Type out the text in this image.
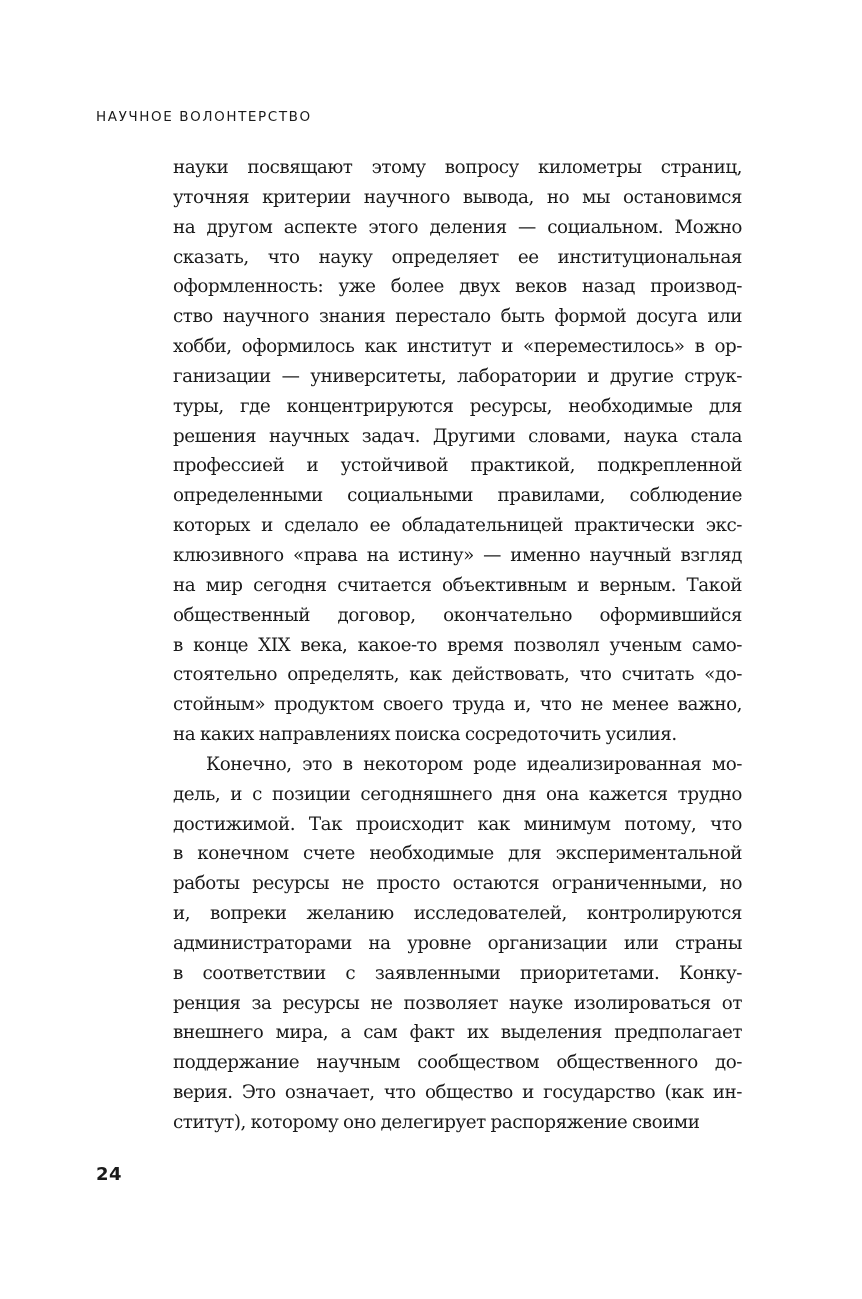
НАУЧНОЕ ВОЛОНТЕРСТВО
науки посвящают этому вопросу километры страниц,
уточняя критерии научного вывода, но мы остановимся
на другом аспекте этого деления — социальном. Можно
сказать, что науку определяет ее институциональная
оформленность: уже более двух веков назад производ-
ство научного знания перестало быть формой досуга или
хобби, оформилось как институт и «переместилось» в ор-
ганизации — университеты, лаборатории и другие струк-
туры, где концентрируются ресурсы, необходимые для
решения научных задач. Другими словами, наука стала
профессией и устойчивой практикой, подкрепленной
определенными социальными правилами, соблюдение
которых и сделало ее обладательницей практически экс-
клюзивного «права на истину» — именно научный взгляд
на мир сегодня считается объективным и верным. Такой
общественный договор, окончательно оформившийся
в конце XIX века, какое-то время позволял ученым само-
стоятельно определять, как действовать, что считать «до-
стойным» продуктом своего труда и, что не менее важно,
на каких направлениях поиска сосредоточить усилия.
Конечно, это в некотором роде идеализированная мо-
дель, и с позиции сегодняшнего дня она кажется трудно
достижимой. Так происходит как минимум потому, что
в конечном счете необходимые для экспериментальной
работы ресурсы не просто остаются ограниченными, но
и, вопреки желанию исследователей, контролируются
администраторами на уровне организации или страны
в соответствии с заявленными приоритетами. Конку-
ренция за ресурсы не позволяет науке изолироваться от
внешнего мира, а сам факт их выделения предполагает
поддержание научным сообществом общественного до-
верия. Это означает, что общество и государство (как ин-
ститут), которому оно делегирует распоряжение своими
24
